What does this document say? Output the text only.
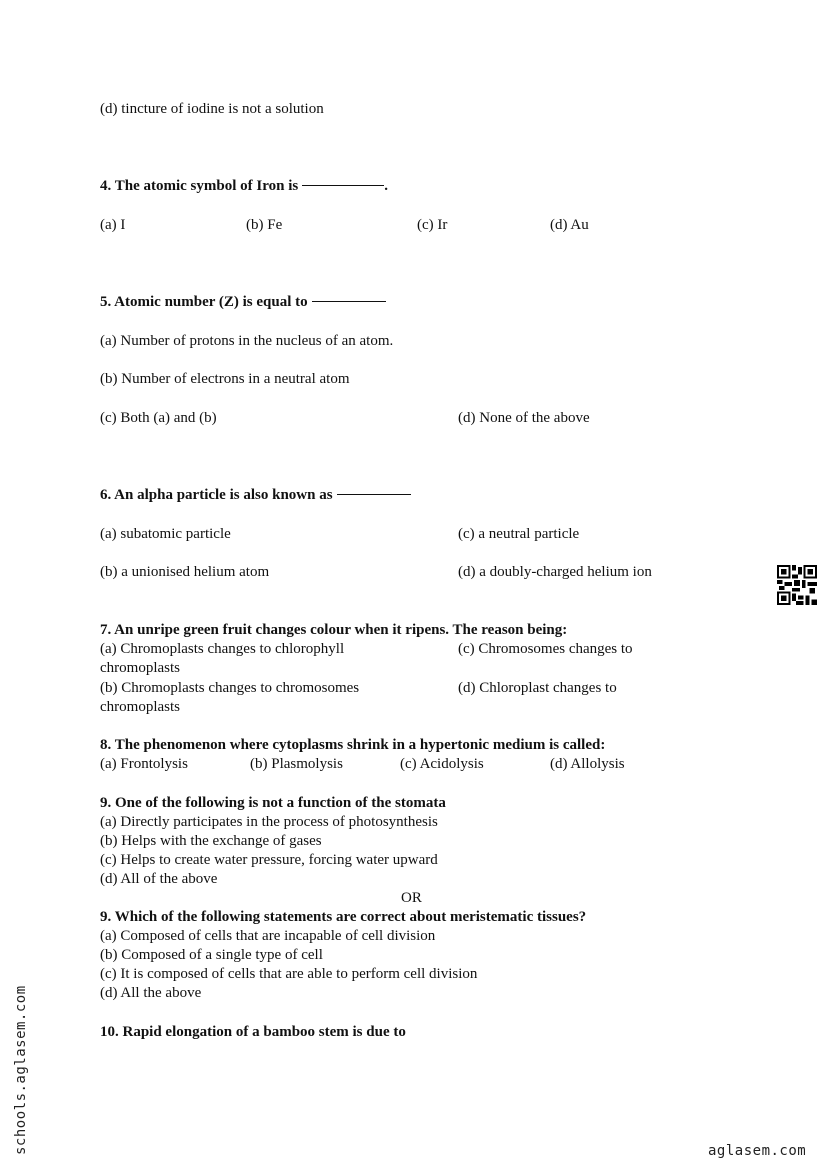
(d) tincture of iodine is not a solution
4. The atomic symbol of Iron is	.
(a) I	(b) Fe	(c) Ir	(d) Au
5. Atomic number (Z) is equal to
(a) Number of protons in the nucleus of an atom.
(b) Number of electrons in a neutral atom
(c) Both (a) and (b)	(d) None of the above
6. An alpha particle is also known as
(a) subatomic particle	(c) a neutral particle
(b) a unionised helium atom	(d) a doubly-charged helium ion
7. An unripe green fruit changes colour when it ripens. The reason being:
(a) Chromoplasts changes to chlorophyll	(c) Chromosomes changes to
chromoplasts
(b) Chromoplasts changes to chromosomes	(d) Chloroplast changes to
chromoplasts
8. The phenomenon where cytoplasms shrink in a hypertonic medium is called:
(a) Frontolysis	(b) Plasmolysis	(c) Acidolysis	(d) Allolysis
9. One of the following is not a function of the stomata
(a) Directly participates in the process of photosynthesis
(b) Helps with the exchange of gases
(c) Helps to create water pressure, forcing water upward
(d) All of the above
OR
9. Which of the following statements are correct about meristematic tissues?
(a) Composed of cells that are incapable of cell division
(b) Composed of a single type of cell
(c) It is composed of cells that are able to perform cell division
(d) All the above
10. Rapid elongation of a bamboo stem is due to
schools.aglasem.com	aglasem.com
